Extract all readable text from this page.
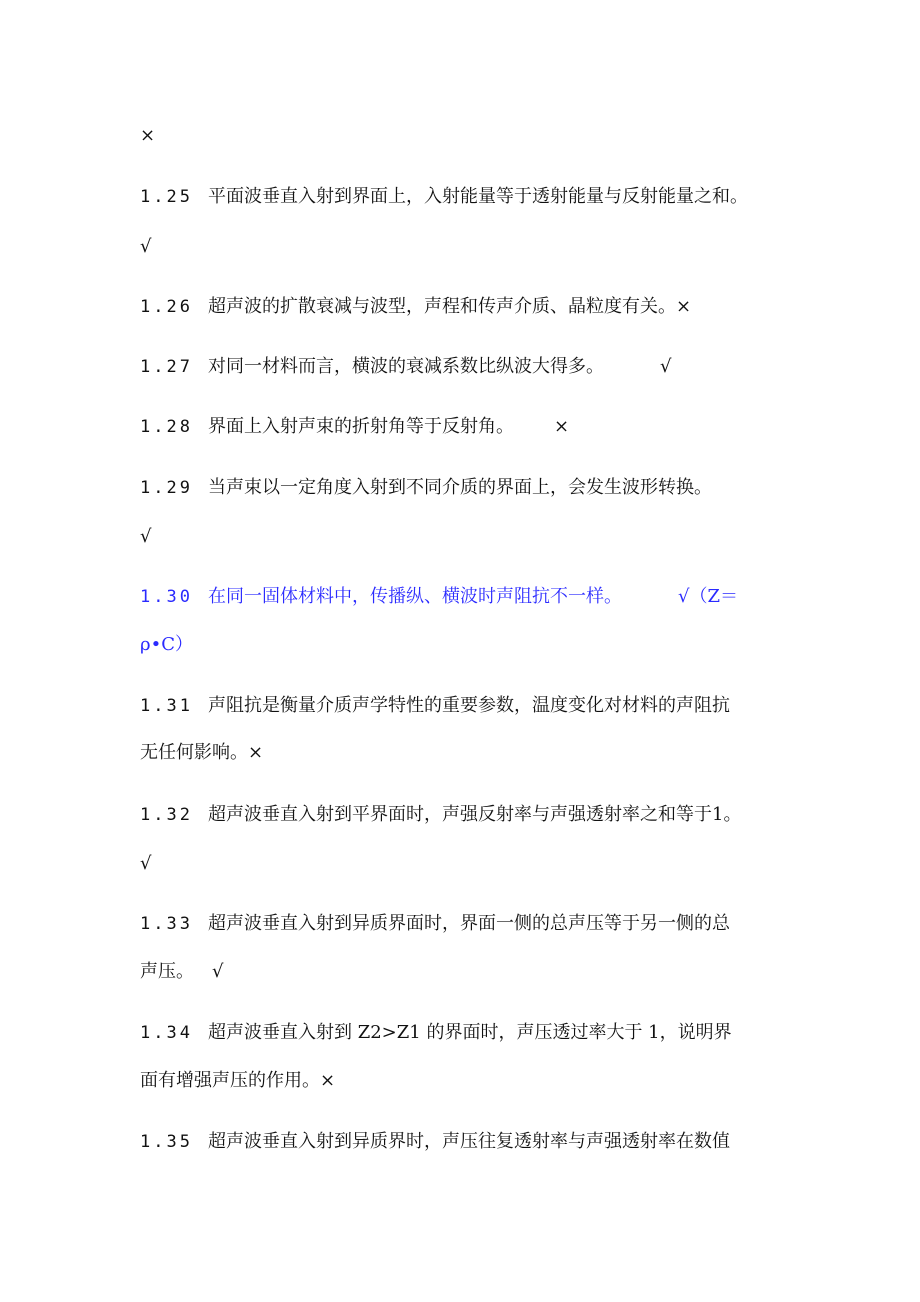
×
1.25 平面波垂直入射到界面上，入射能量等于透射能量与反射能量之和。
√
1.26 超声波的扩散衰减与波型，声程和传声介质、晶粒度有关。×
1.27 对同一材料而言，横波的衰减系数比纵波大得多。	√
1.28 界面上入射声束的折射角等于反射角。 ×
1.29 当声束以一定角度入射到不同介质的界面上，会发生波形转换。
√
1.30 在同一固体材料中，传播纵、横波时声阻抗不一样。	√（Z＝
ρ•C）
1.31 声阻抗是衡量介质声学特性的重要参数，温度变化对材料的声阻抗
无任何影响。×
1.32 超声波垂直入射到平界面时，声强反射率与声强透射率之和等于1。
√
1.33 超声波垂直入射到异质界面时，界面一侧的总声压等于另一侧的总
声压。 √
1.34 超声波垂直入射到 Z2>Z1 的界面时，声压透过率大于 1，说明界
面有增强声压的作用。×
1.35 超声波垂直入射到异质界时，声压往复透射率与声强透射率在数值
